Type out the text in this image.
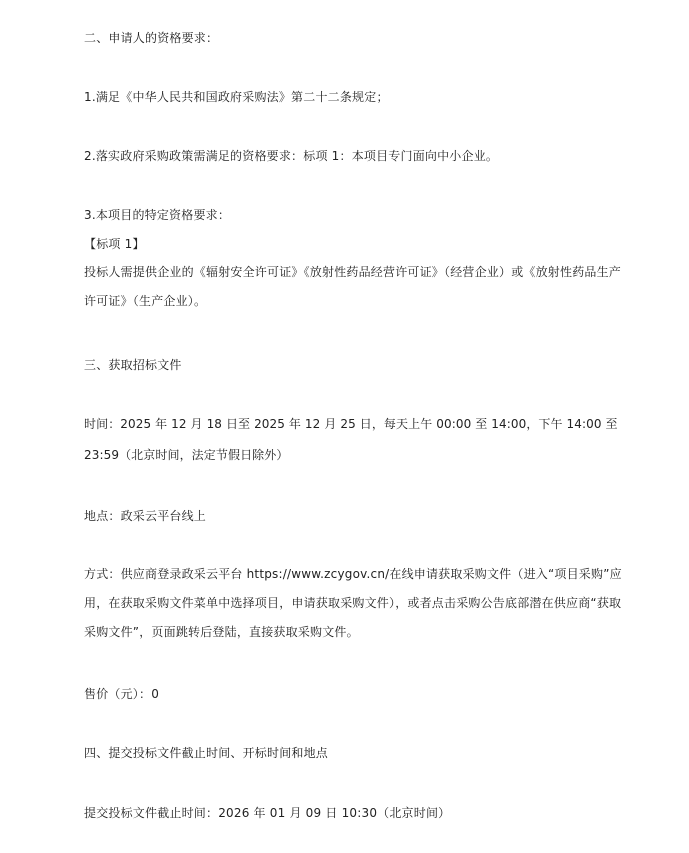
二、申请人的资格要求：

1.满足《中华人民共和国政府采购法》第二十二条规定；

2.落实政府采购政策需满足的资格要求：标项 1：本项目专门面向中小企业。

3.本项目的特定资格要求：

【标项 1】

投标人需提供企业的《辐射安全许可证》《放射性药品经营许可证》（经营企业）或《放射性药品生产许可证》（生产企业）。

三、获取招标文件

时间：2025 年 12 月 18 日至 2025 年 12 月 25 日，每天上午 00:00 至 14:00，下午 14:00 至 23:59（北京时间，法定节假日除外）

地点：政采云平台线上

方式：供应商登录政采云平台 https://www.zcygov.cn/在线申请获取采购文件（进入“项目采购”应用，在获取采购文件菜单中选择项目，申请获取采购文件），或者点击采购公告底部潜在供应商“获取采购文件”，页面跳转后登陆，直接获取采购文件。

售价（元）：0

四、提交投标文件截止时间、开标时间和地点

提交投标文件截止时间：2026 年 01 月 09 日 10:30（北京时间）
